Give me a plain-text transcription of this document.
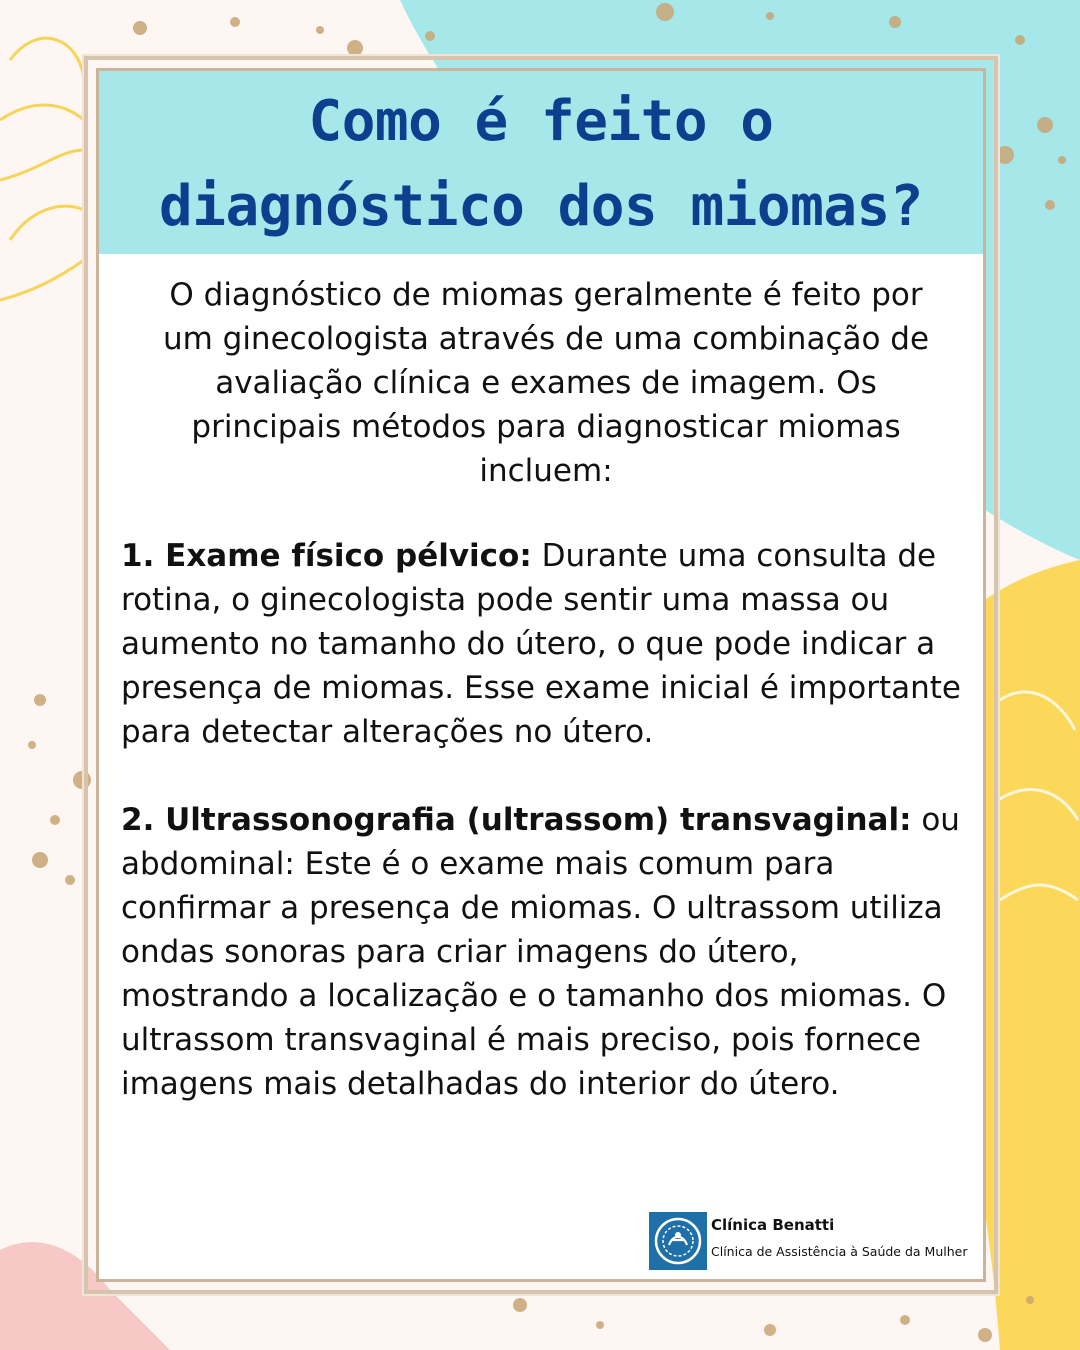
Como é feito o
diagnóstico dos miomas?

O diagnóstico de miomas geralmente é feito por um ginecologista através de uma combinação de avaliação clínica e exames de imagem. Os principais métodos para diagnosticar miomas incluem:

1. Exame físico pélvico: Durante uma consulta de rotina, o ginecologista pode sentir uma massa ou aumento no tamanho do útero, o que pode indicar a presença de miomas. Esse exame inicial é importante para detectar alterações no útero.

2. Ultrassonografia (ultrassom) transvaginal: ou abdominal: Este é o exame mais comum para confirmar a presença de miomas. O ultrassom utiliza ondas sonoras para criar imagens do útero, mostrando a localização e o tamanho dos miomas. O ultrassom transvaginal é mais preciso, pois fornece imagens mais detalhadas do interior do útero.

Clínica Benatti
Clínica de Assistência à Saúde da Mulher
